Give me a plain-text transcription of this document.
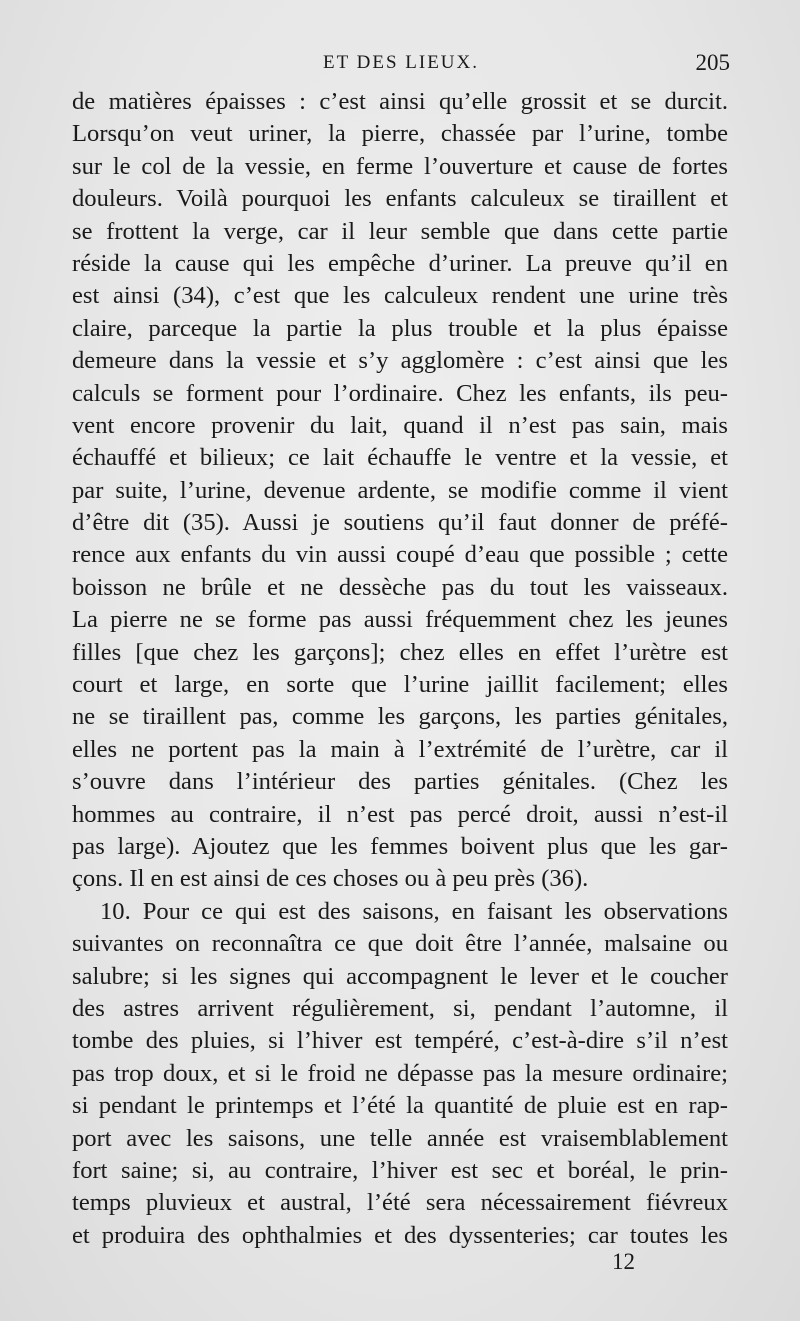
ET DES LIEUX.	205
de matières épaisses : c’est ainsi qu’elle grossit et se durcit.
Lorsqu’on veut uriner, la pierre, chassée par l’urine, tombe
sur le col de la vessie, en ferme l’ouverture et cause de fortes
douleurs. Voilà pourquoi les enfants calculeux se tiraillent et
se frottent la verge, car il leur semble que dans cette partie
réside la cause qui les empêche d’uriner. La preuve qu’il en
est ainsi (34), c’est que les calculeux rendent une urine très
claire, parceque la partie la plus trouble et la plus épaisse
demeure dans la vessie et s’y agglomère : c’est ainsi que les
calculs se forment pour l’ordinaire. Chez les enfants, ils peu-
vent encore provenir du lait, quand il n’est pas sain, mais
échauffé et bilieux; ce lait échauffe le ventre et la vessie, et
par suite, l’urine, devenue ardente, se modifie comme il vient
d’être dit (35). Aussi je soutiens qu’il faut donner de préfé-
rence aux enfants du vin aussi coupé d’eau que possible ; cette
boisson ne brûle et ne dessèche pas du tout les vaisseaux.
La pierre ne se forme pas aussi fréquemment chez les jeunes
filles [que chez les garçons]; chez elles en effet l’urètre est
court et large, en sorte que l’urine jaillit facilement; elles
ne se tiraillent pas, comme les garçons, les parties génitales,
elles ne portent pas la main à l’extrémité de l’urètre, car il
s’ouvre dans l’intérieur des parties génitales. (Chez les
hommes au contraire, il n’est pas percé droit, aussi n’est-il
pas large). Ajoutez que les femmes boivent plus que les gar-
çons. Il en est ainsi de ces choses ou à peu près (36).
10. Pour ce qui est des saisons, en faisant les observations
suivantes on reconnaîtra ce que doit être l’année, malsaine ou
salubre; si les signes qui accompagnent le lever et le coucher
des astres arrivent régulièrement, si, pendant l’automne, il
tombe des pluies, si l’hiver est tempéré, c’est-à-dire s’il n’est
pas trop doux, et si le froid ne dépasse pas la mesure ordinaire;
si pendant le printemps et l’été la quantité de pluie est en rap-
port avec les saisons, une telle année est vraisemblablement
fort saine; si, au contraire, l’hiver est sec et boréal, le prin-
temps pluvieux et austral, l’été sera nécessairement fiévreux
et produira des ophthalmies et des dyssenteries; car toutes les
12
